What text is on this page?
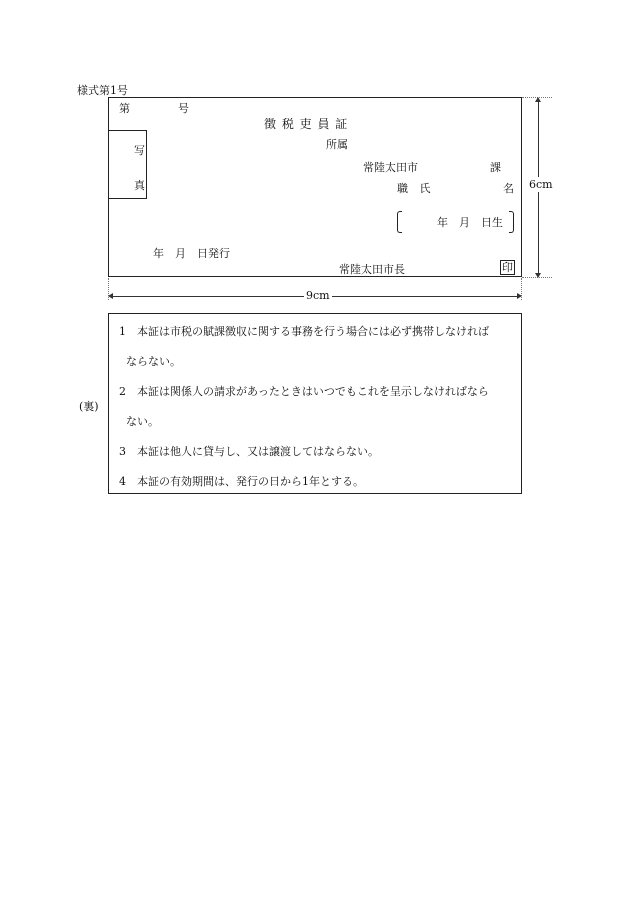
様式第1号
第	号
徴 税 吏 員 証
所属
写
真
常陸太田市	課
職 氏	名
年　月　日生
年　月　日発行
常陸太田市長	印
6cm
9cm
(裏)
1　本証は市税の賦課徴収に関する事務を行う場合には必ず携帯しなければ
ならない。
2　本証は関係人の請求があったときはいつでもこれを呈示しなければなら
ない。
3　本証は他人に貸与し、又は譲渡してはならない。
4　本証の有効期間は、発行の日から1年とする。
